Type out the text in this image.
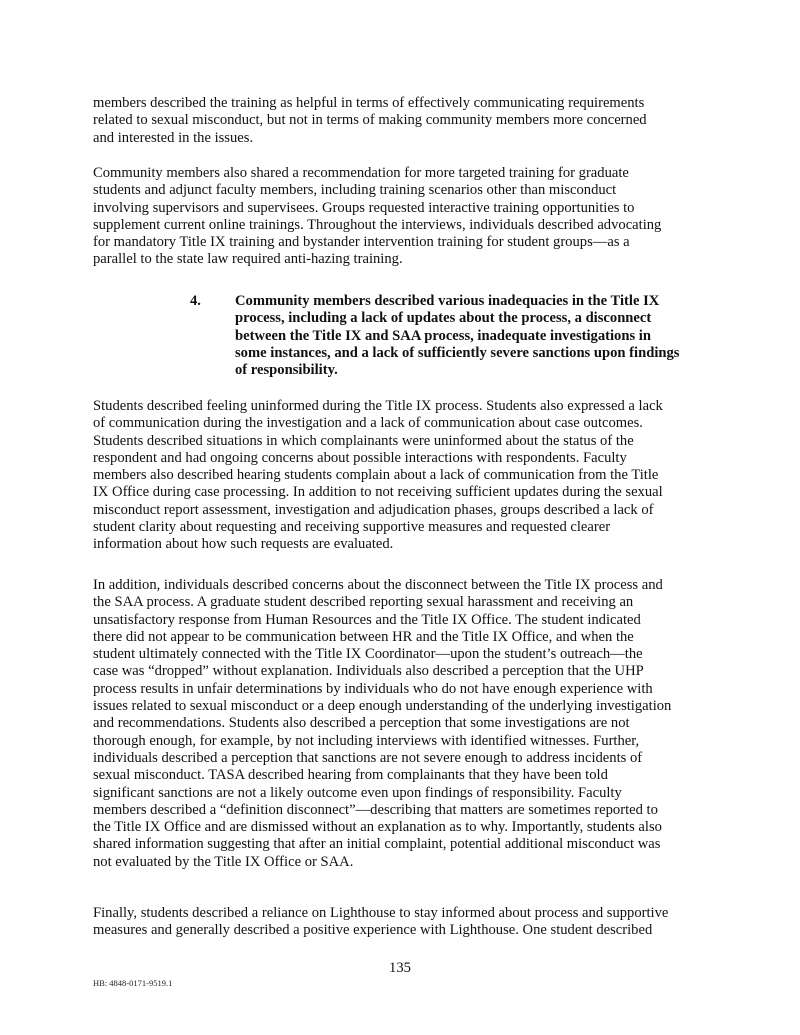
members described the training as helpful in terms of effectively communicating requirements
related to sexual misconduct, but not in terms of making community members more concerned
and interested in the issues.
Community members also shared a recommendation for more targeted training for graduate
students and adjunct faculty members, including training scenarios other than misconduct
involving supervisors and supervisees. Groups requested interactive training opportunities to
supplement current online trainings. Throughout the interviews, individuals described advocating
for mandatory Title IX training and bystander intervention training for student groups—as a
parallel to the state law required anti-hazing training.
4. Community members described various inadequacies in the Title IX
process, including a lack of updates about the process, a disconnect
between the Title IX and SAA process, inadequate investigations in
some instances, and a lack of sufficiently severe sanctions upon findings
of responsibility.
Students described feeling uninformed during the Title IX process. Students also expressed a lack
of communication during the investigation and a lack of communication about case outcomes.
Students described situations in which complainants were uninformed about the status of the
respondent and had ongoing concerns about possible interactions with respondents. Faculty
members also described hearing students complain about a lack of communication from the Title
IX Office during case processing. In addition to not receiving sufficient updates during the sexual
misconduct report assessment, investigation and adjudication phases, groups described a lack of
student clarity about requesting and receiving supportive measures and requested clearer
information about how such requests are evaluated.
In addition, individuals described concerns about the disconnect between the Title IX process and
the SAA process. A graduate student described reporting sexual harassment and receiving an
unsatisfactory response from Human Resources and the Title IX Office. The student indicated
there did not appear to be communication between HR and the Title IX Office, and when the
student ultimately connected with the Title IX Coordinator—upon the student’s outreach—the
case was “dropped” without explanation. Individuals also described a perception that the UHP
process results in unfair determinations by individuals who do not have enough experience with
issues related to sexual misconduct or a deep enough understanding of the underlying investigation
and recommendations. Students also described a perception that some investigations are not
thorough enough, for example, by not including interviews with identified witnesses. Further,
individuals described a perception that sanctions are not severe enough to address incidents of
sexual misconduct. TASA described hearing from complainants that they have been told
significant sanctions are not a likely outcome even upon findings of responsibility. Faculty
members described a “definition disconnect”—describing that matters are sometimes reported to
the Title IX Office and are dismissed without an explanation as to why. Importantly, students also
shared information suggesting that after an initial complaint, potential additional misconduct was
not evaluated by the Title IX Office or SAA.
Finally, students described a reliance on Lighthouse to stay informed about process and supportive
measures and generally described a positive experience with Lighthouse. One student described
135
HB: 4848-0171-9519.1
